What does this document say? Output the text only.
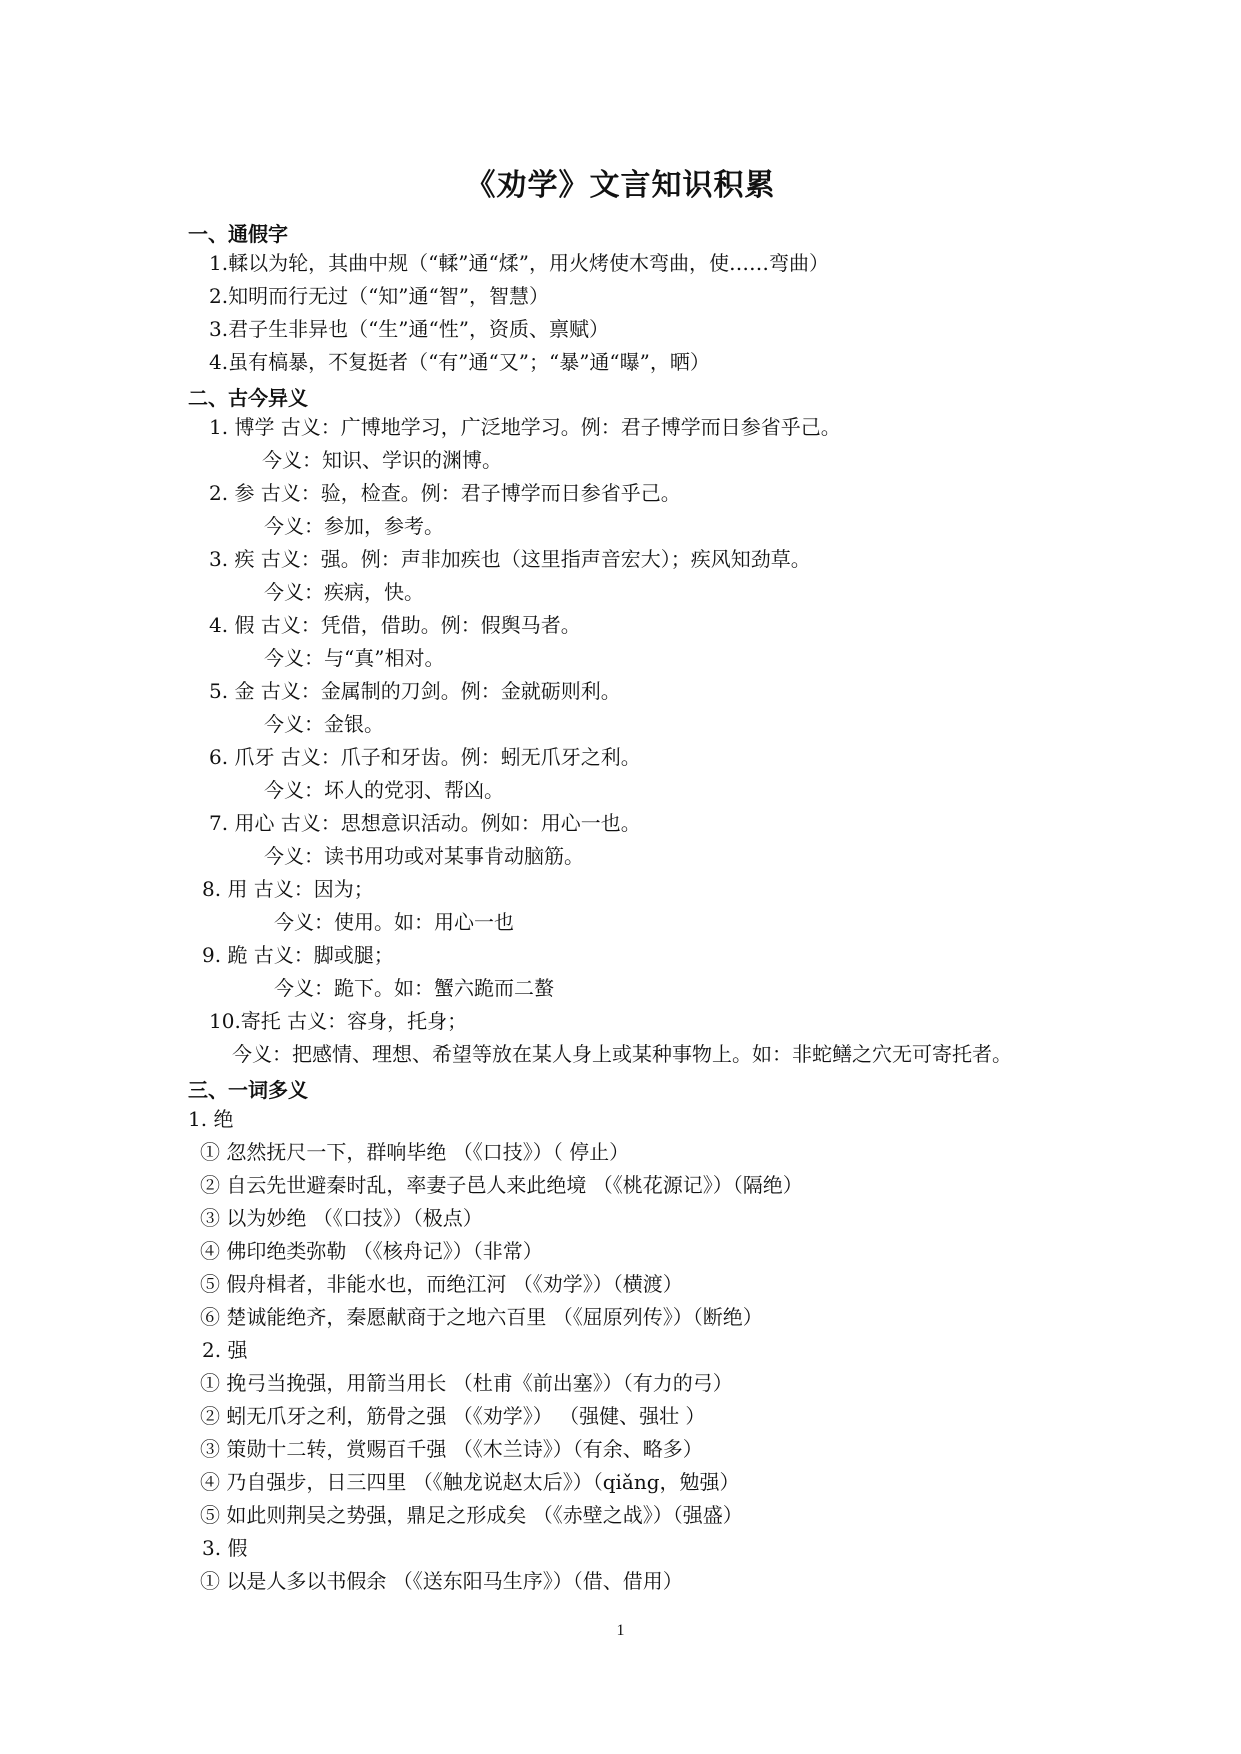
《劝学》文言知识积累
一、通假字
1.輮以为轮，其曲中规（“輮”通“煣”，用火烤使木弯曲，使……弯曲）
2.知明而行无过（“知”通“智”，智慧）
3.君子生非异也（“生”通“性”，资质、禀赋）
4.虽有槁暴，不复挺者（“有”通“又”；“暴”通“曝”，晒）
二、古今异义
1. 博学 古义：广博地学习，广泛地学习。例：君子博学而日参省乎己。
今义：知识、学识的渊博。
2. 参 古义：验，检查。例：君子博学而日参省乎己。
今义：参加，参考。
3. 疾 古义：强。例：声非加疾也（这里指声音宏大）；疾风知劲草。
今义：疾病，快。
4. 假 古义：凭借，借助。例：假舆马者。
今义：与“真”相对。
5. 金 古义：金属制的刀剑。例：金就砺则利。
今义：金银。
6. 爪牙 古义：爪子和牙齿。例：蚓无爪牙之利。
今义：坏人的党羽、帮凶。
7. 用心 古义：思想意识活动。例如：用心一也。
今义：读书用功或对某事肯动脑筋。
8. 用 古义：因为；
今义：使用。如：用心一也
9. 跪 古义：脚或腿；
今义：跪下。如：蟹六跪而二螯
10.寄托 古义：容身，托身；
今义：把感情、理想、希望等放在某人身上或某种事物上。如：非蛇鳝之穴无可寄托者。
三、一词多义
1. 绝
① 忽然抚尺一下，群响毕绝 （《口技》）（ 停止）
② 自云先世避秦时乱，率妻子邑人来此绝境 （《桃花源记》）（隔绝）
③ 以为妙绝 （《口技》）（极点）
④ 佛印绝类弥勒 （《核舟记》）（非常）
⑤ 假舟楫者，非能水也，而绝江河 （《劝学》）（横渡）
⑥ 楚诚能绝齐，秦愿献商于之地六百里 （《屈原列传》）（断绝）
2. 强
① 挽弓当挽强，用箭当用长 （杜甫《前出塞》）（有力的弓）
② 蚓无爪牙之利，筋骨之强 （《劝学》） （强健、强壮 ）
③ 策勋十二转，赏赐百千强 （《木兰诗》）（有余、略多）
④ 乃自强步，日三四里 （《触龙说赵太后》）（qiǎng，勉强）
⑤ 如此则荆吴之势强，鼎足之形成矣 （《赤壁之战》）（强盛）
3. 假
① 以是人多以书假余 （《送东阳马生序》）（借、借用）
1
